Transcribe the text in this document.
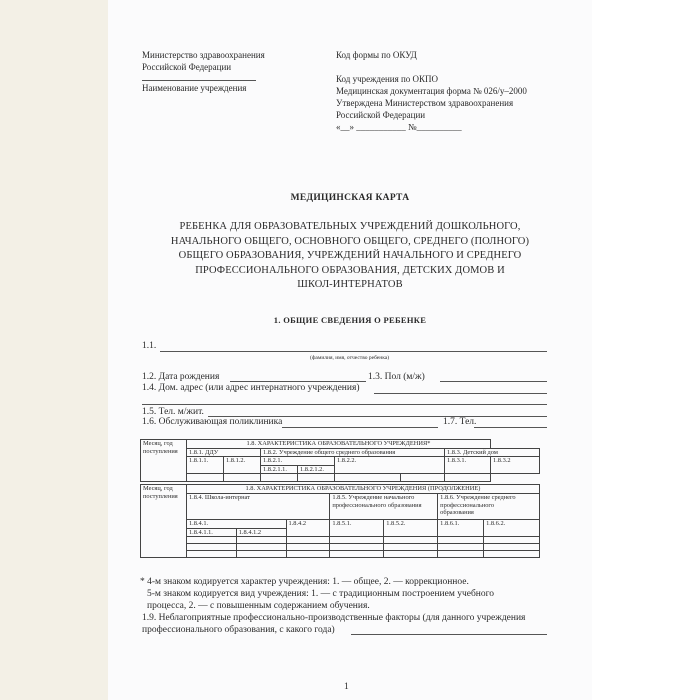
Министерство здравоохранения
Российской Федерации
Наименование учреждения
Код формы по ОКУД
Код учреждения по ОКПО
Медицинская документация форма № 026/у–2000
Утверждена Министерством здравоохранения
Российской Федерации
«__» ___________ №__________
МЕДИЦИНСКАЯ КАРТА
РЕБЕНКА ДЛЯ ОБРАЗОВАТЕЛЬНЫХ УЧРЕЖДЕНИЙ ДОШКОЛЬНОГО,
НАЧАЛЬНОГО ОБЩЕГО, ОСНОВНОГО ОБЩЕГО, СРЕДНЕГО (ПОЛНОГО)
ОБЩЕГО ОБРАЗОВАНИЯ, УЧРЕЖДЕНИЙ НАЧАЛЬНОГО И СРЕДНЕГО
ПРОФЕССИОНАЛЬНОГО ОБРАЗОВАНИЯ, ДЕТСКИХ ДОМОВ И
ШКОЛ-ИНТЕРНАТОВ
1. ОБЩИЕ СВЕДЕНИЯ О РЕБЕНКЕ
1.1.
(фамилия, имя, отчество ребенка)
1.2. Дата рождения	1.3. Пол (м/ж)
1.4. Дом. адрес (или адрес интернатного учреждения)
1.5. Тел. м/жит.
1.6. Обслуживающая поликлиника	1.7. Тел.
Месяц, год
поступления	1.8. ХАРАКТЕРИСТИКА ОБРАЗОВАТЕЛЬНОГО УЧРЕЖДЕНИЯ*							
	1.8.1. ДДУ		1.8.2. Учреждение общего среднего образования				1.8.3. Детский дом	
	1.8.1.1.	1.8.1.2.	1.8.2.1.		1.8.2.2.		1.8.3.1.	1.8.3.2
			1.8.2.1.1.	1.8.2.1.2.				

Месяц, год
поступления	1.8. ХАРАКТЕРИСТИКА ОБРАЗОВАТЕЛЬНОГО УЧРЕЖДЕНИЯ (ПРОДОЛЖЕНИЕ)						
	1.8.4. Школа-интернат			1.8.5. Учреждение начального
профессионального образования		1.8.6. Учреждение среднего
профессионального
образования	

	1.8.4.1.		1.8.4.2	1.8.5.1.	1.8.5.2.	1.8.6.1.	1.8.6.2.
	1.8.4.1.1.	1.8.4.1.2					

* 4-м знаком кодируется характер учреждения: 1. — общее, 2. — коррекционное.
5-м знаком кодируется вид учреждения: 1. — с традиционным построением учебного
процесса, 2. — с повышенным содержанием обучения.
1.9. Неблагоприятные профессионально-производственные факторы (для данного учреждения
профессионального образования, с какого года)
1
